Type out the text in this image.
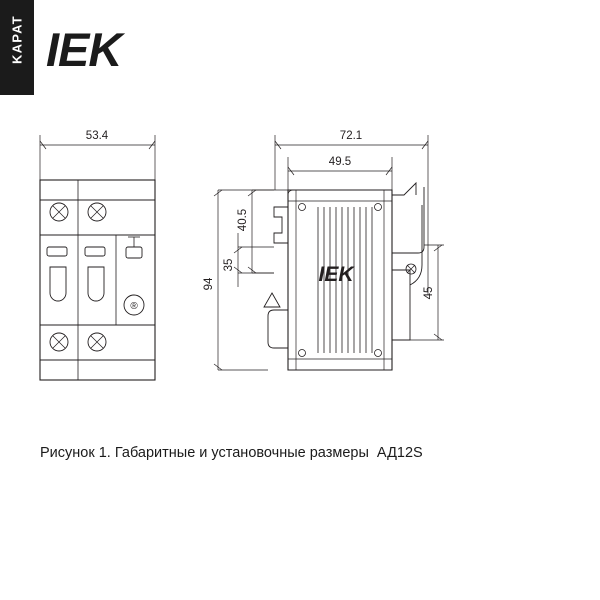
KAPAT IEK
®
53.4	72.1
49.5
IEK
94
40.5
35
45
Рисунок 1. Габаритные и установочные размеры  АД12S
